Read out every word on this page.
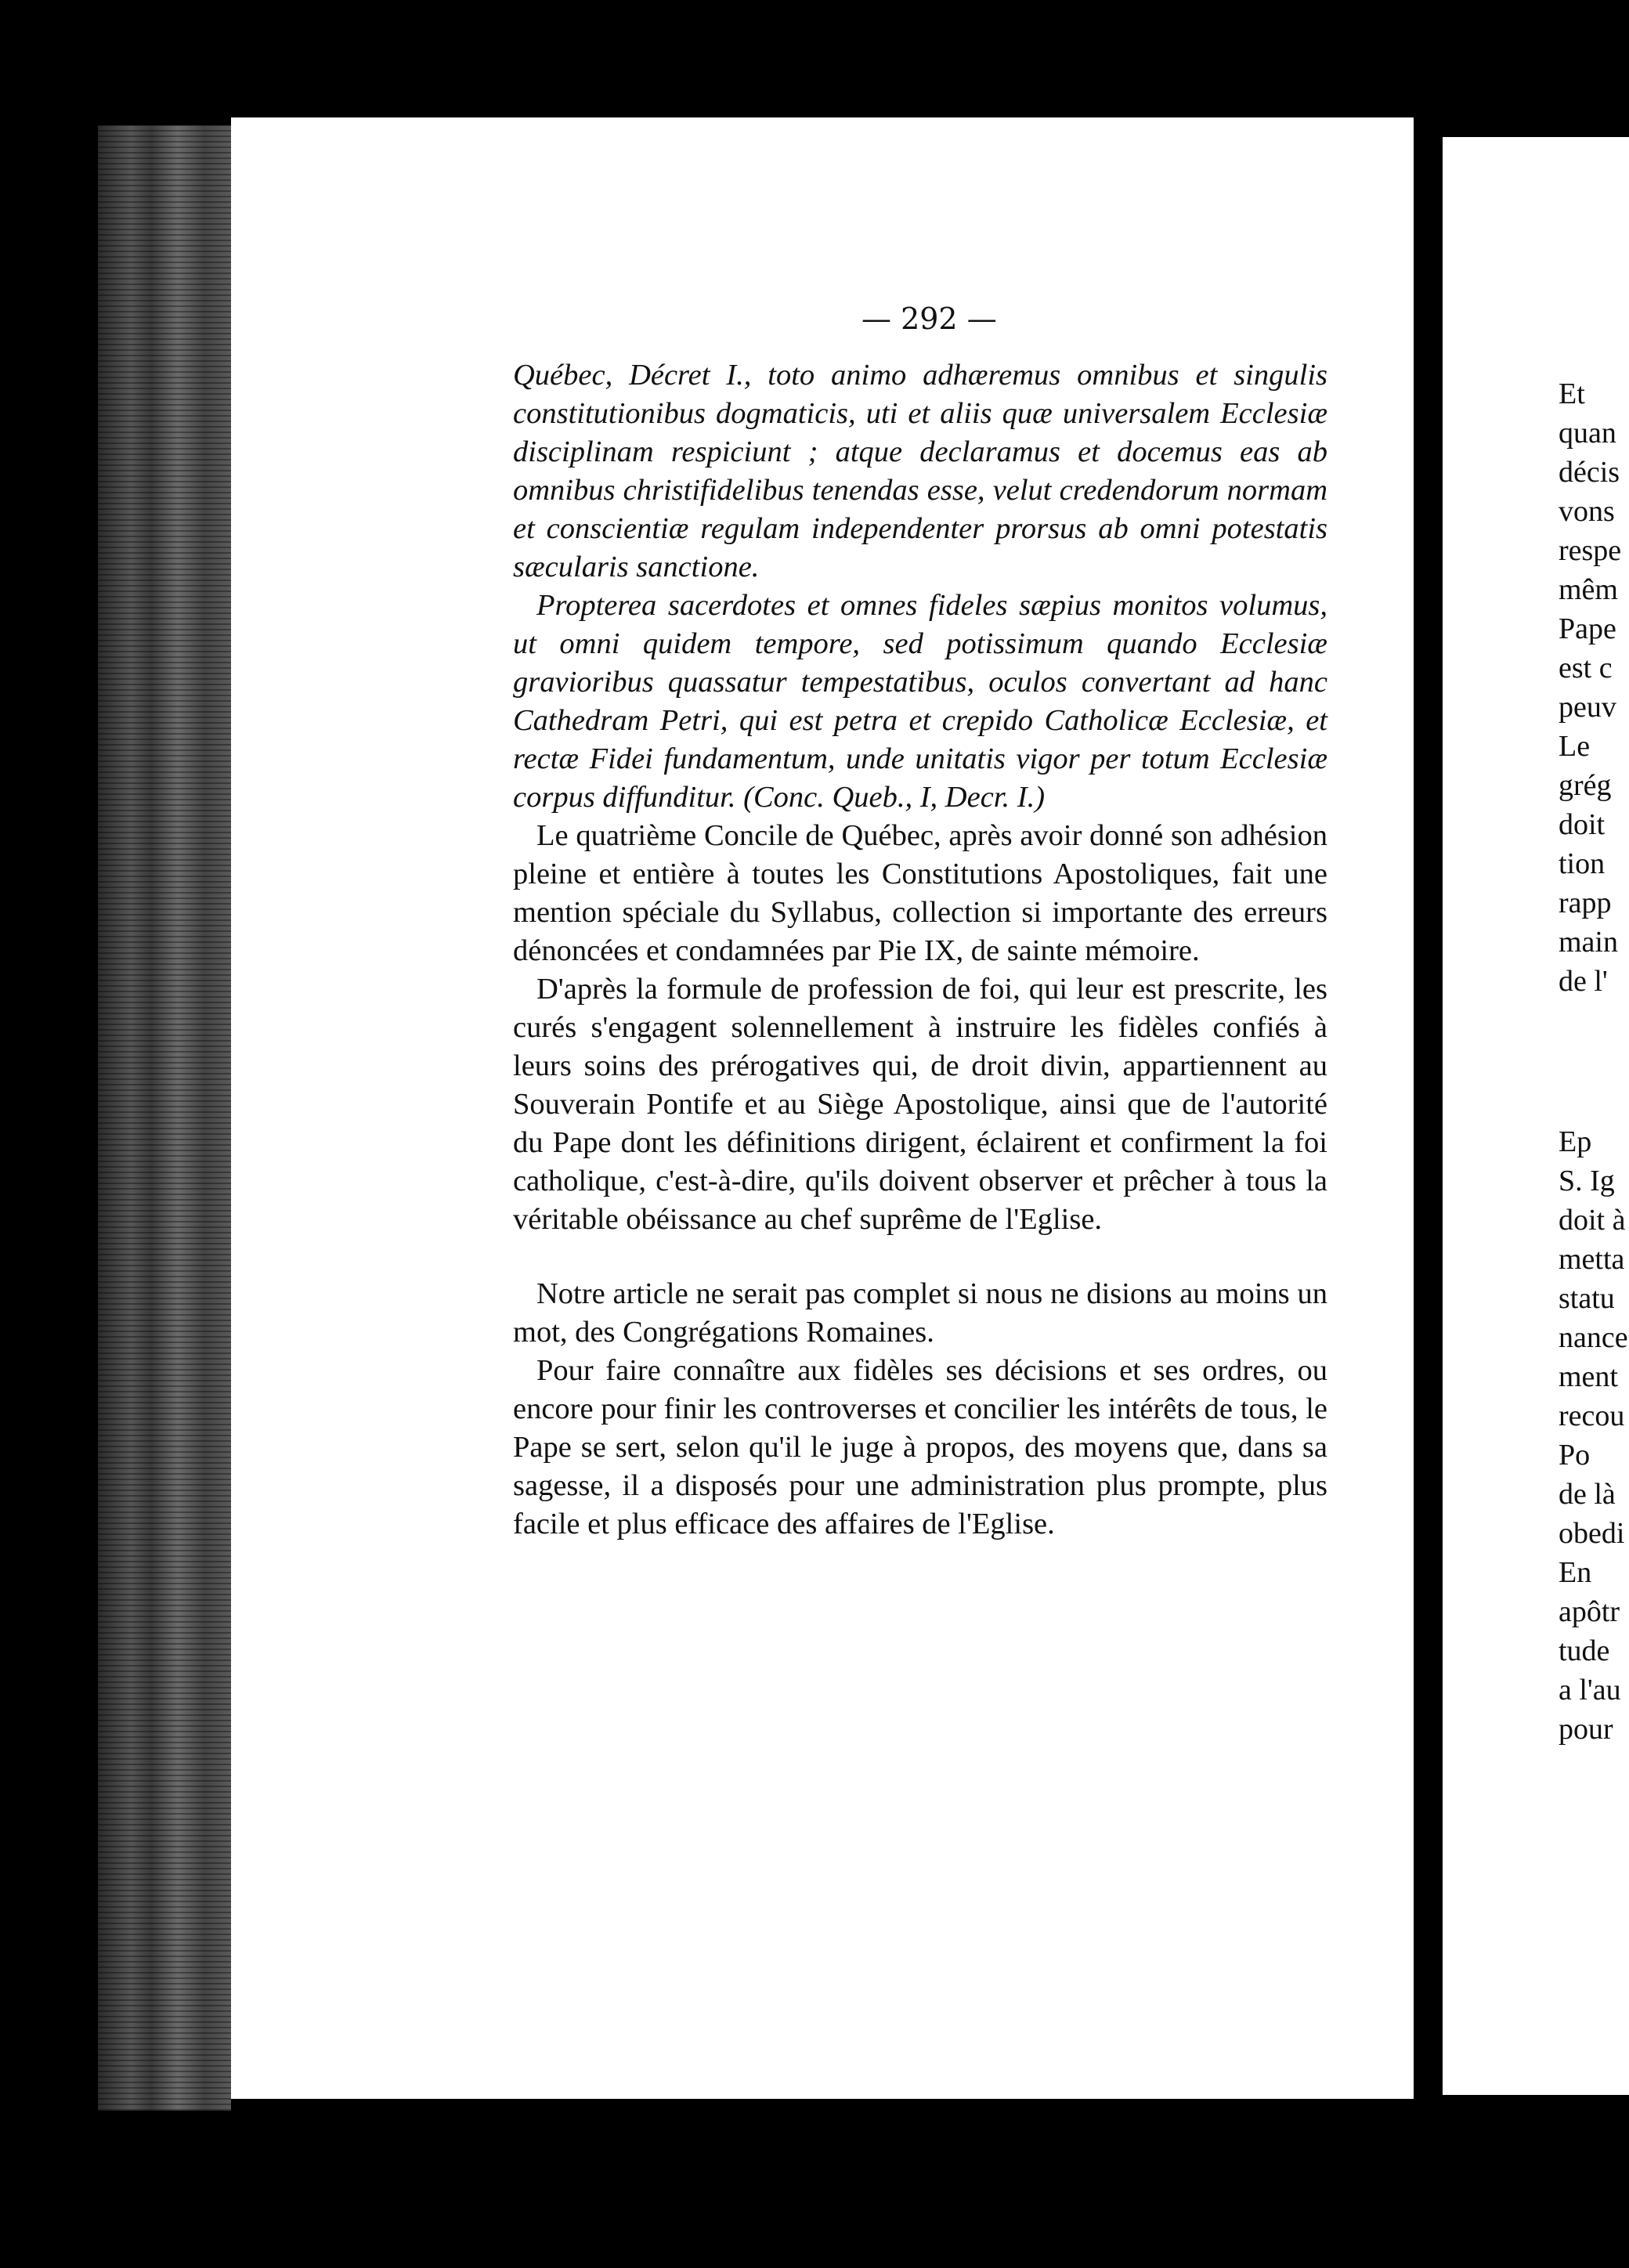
— 292 —

Québec, Décret I., toto animo adhæremus omnibus et singulis constitutionibus dogmaticis, uti et aliis quæ universalem Ecclesiæ disciplinam respiciunt ; atque declaramus et docemus eas ab omnibus christifidelibus tenendas esse, velut credendorum normam et conscientiæ regulam independenter prorsus ab omni potestatis sæcularis sanctione.

Propterea sacerdotes et omnes fideles sæpius monitos volumus, ut omni quidem tempore, sed potissimum quando Ecclesiæ gravioribus quassatur tempestatibus, oculos convertant ad hanc Cathedram Petri, qui est petra et crepido Catholicæ Ecclesiæ, et rectæ Fidei fundamentum, unde unitatis vigor per totum Ecclesiæ corpus diffunditur. (Conc. Queb., I, Decr. I.)

Le quatrième Concile de Québec, après avoir donné son adhésion pleine et entière à toutes les Constitutions Apostoliques, fait une mention spéciale du Syllabus, collection si importante des erreurs dénoncées et condamnées par Pie IX, de sainte mémoire.

D'après la formule de profession de foi, qui leur est prescrite, les curés s'engagent solennellement à instruire les fidèles confiés à leurs soins des prérogatives qui, de droit divin, appartiennent au Souverain Pontife et au Siège Apostolique, ainsi que de l'autorité du Pape dont les définitions dirigent, éclairent et confirment la foi catholique, c'est-à-dire, qu'ils doivent observer et prêcher à tous la véritable obéissance au chef suprême de l'Eglise.

Notre article ne serait pas complet si nous ne disions au moins un mot, des Congrégations Romaines.

Pour faire connaître aux fidèles ses décisions et ses ordres, ou encore pour finir les controverses et concilier les intérêts de tous, le Pape se sert, selon qu'il le juge à propos, des moyens que, dans sa sagesse, il a disposés pour une administration plus prompte, plus facile et plus efficace des affaires de l'Eglise.

Et
quan
décis
vons
respe
mêm
Pape
est c
peuv
Le
grég
doit
tion
rapp
main
de l'
Ep
S. Ig
doit à
metta
statu
nance
ment
recou
Po
de là
obedi
En
apôtr
tude
a l'au
pour
